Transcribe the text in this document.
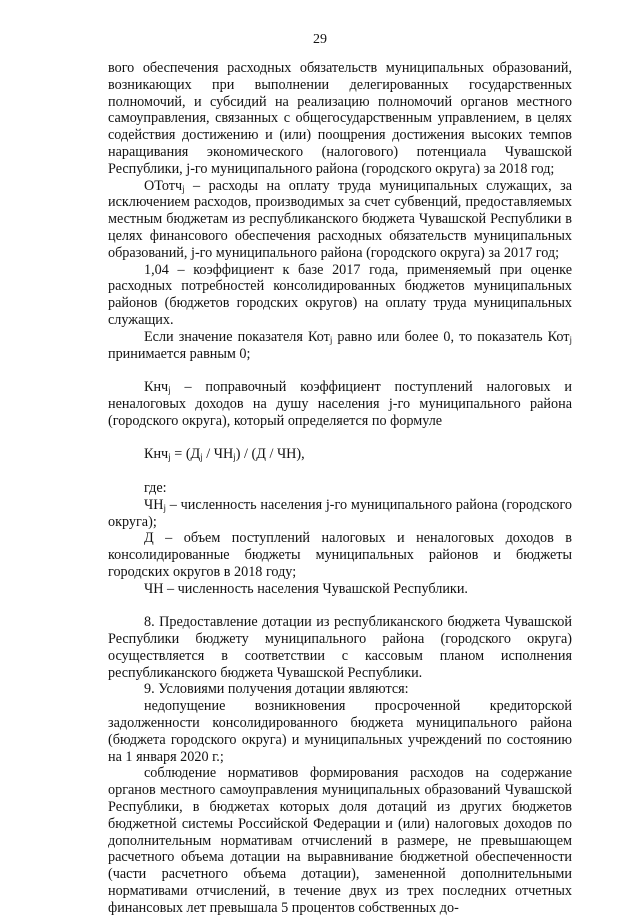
29

вого обеспечения расходных обязательств муниципальных образований, возникающих при выполнении делегированных государственных полномочий, и субсидий на реализацию полномочий органов местного самоуправления, связанных с общегосударственным управлением, в целях содействия достижению и (или) поощрения достижения высоких темпов наращивания экономического (налогового) потенциала Чувашской Республики, j-го муниципального района (городского округа) за 2018 год;

ОТотч$_j$ – расходы на оплату труда муниципальных служащих, за исключением расходов, производимых за счет субвенций, предоставляемых местным бюджетам из республиканского бюджета Чувашской Республики в целях финансового обеспечения расходных обязательств муниципальных образований, j-го муниципального района (городского округа) за 2017 год;

1,04 – коэффициент к базе 2017 года, применяемый при оценке расходных потребностей консолидированных бюджетов муниципальных районов (бюджетов городских округов) на оплату труда муниципальных служащих.

Если значение показателя Кот$_j$ равно или более 0, то показатель Кот$_j$ принимается равным 0;

Кнч$_j$ – поправочный коэффициент поступлений налоговых и неналоговых доходов на душу населения j-го муниципального района (городского округа), который определяется по формуле

$Кнч_j = (Д_j / ЧН_j) / (Д / ЧН)$,

где:

$ЧН_j$ – численность населения j-го муниципального района (городского округа);

Д – объем поступлений налоговых и неналоговых доходов в консолидированные бюджеты муниципальных районов и бюджеты городских округов в 2018 году;

ЧН – численность населения Чувашской Республики.

8. Предоставление дотации из республиканского бюджета Чувашской Республики бюджету муниципального района (городского округа) осуществляется в соответствии с кассовым планом исполнения республиканского бюджета Чувашской Республики.

9. Условиями получения дотации являются:

недопущение возникновения просроченной кредиторской задолженности консолидированного бюджета муниципального района (бюджета городского округа) и муниципальных учреждений по состоянию на 1 января 2020 г.;

соблюдение нормативов формирования расходов на содержание органов местного самоуправления муниципальных образований Чувашской Республики, в бюджетах которых доля дотаций из других бюджетов бюджетной системы Российской Федерации и (или) налоговых доходов по дополнительным нормативам отчислений в размере, не превышающем расчетного объема дотации на выравнивание бюджетной обеспеченности (части расчетного объема дотации), замененной дополнительными нормативами отчислений, в течение двух из трех последних отчетных финансовых лет превышала 5 процентов собственных до-
